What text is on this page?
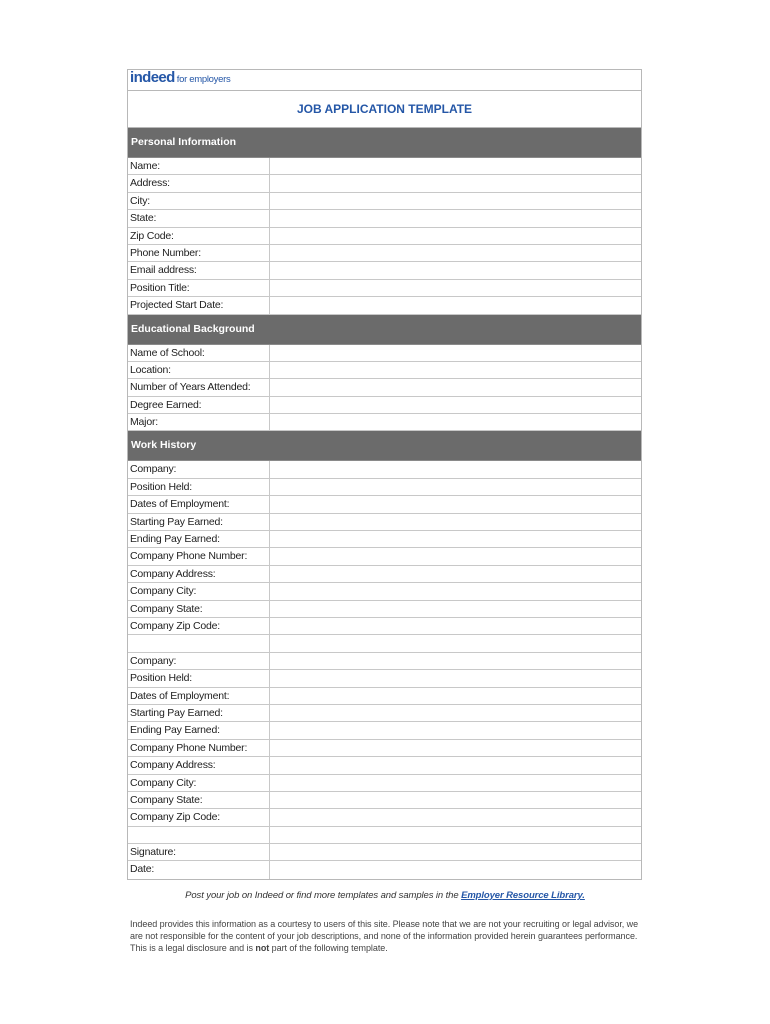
indeed for employers
JOB APPLICATION TEMPLATE
Personal Information
Name:
Address:
City:
State:
Zip Code:
Phone Number:
Email address:
Position Title:
Projected Start Date:
Educational Background
Name of School:
Location:
Number of Years Attended:
Degree Earned:
Major:
Work History
Company:
Position Held:
Dates of Employment:
Starting Pay Earned:
Ending Pay Earned:
Company Phone Number:
Company Address:
Company City:
Company State:
Company Zip Code:
Company:
Position Held:
Dates of Employment:
Starting Pay Earned:
Ending Pay Earned:
Company Phone Number:
Company Address:
Company City:
Company State:
Company Zip Code:
Signature:
Date:
Post your job on Indeed or find more templates and samples in the Employer Resource Library.
Indeed provides this information as a courtesy to users of this site. Please note that we are not your recruiting or legal advisor, we are not responsible for the content of your job descriptions, and none of the information provided herein guarantees performance. This is a legal disclosure and is not part of the following template.
